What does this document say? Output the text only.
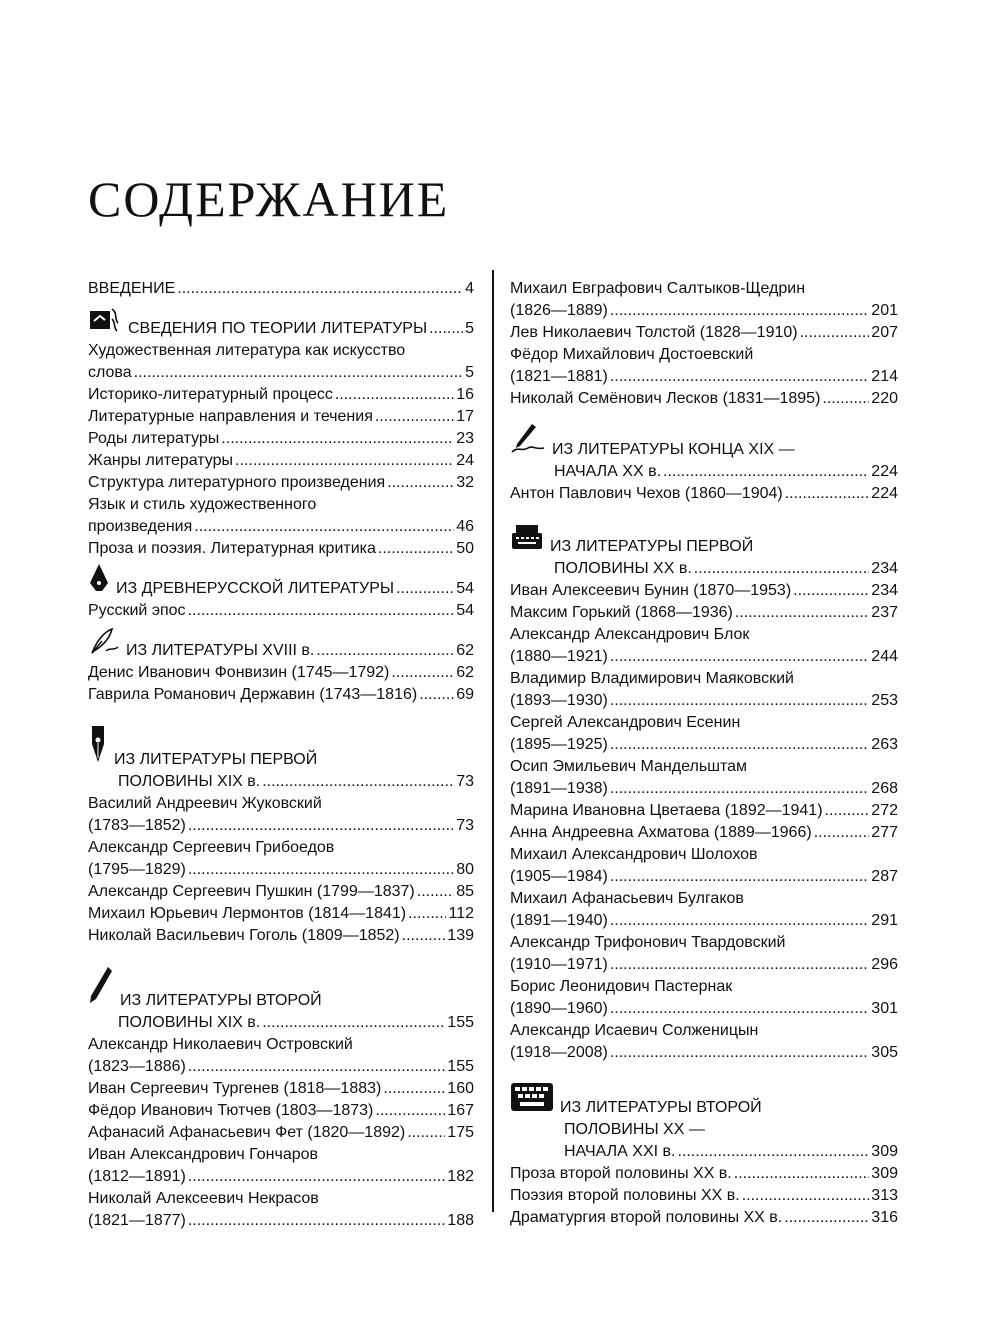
СОДЕРЖАНИЕ
ВВЕДЕНИЕ .....	4
СВЕДЕНИЯ ПО ТЕОРИИ ЛИТЕРАТУРЫ ..... 5
Художественная литература как искусство
слова .....	5
Историко-литературный процесс .....	16
Литературные направления и течения .....	17
Роды литературы .....	23
Жанры литературы .....	24
Структура литературного произведения .....	32
Язык и стиль художественного
произведения .....	46
Проза и поэзия. Литературная критика .....	50
ИЗ ДРЕВНЕРУССКОЙ ЛИТЕРАТУРЫ .....	54
Русский эпос .....	54
ИЗ ЛИТЕРАТУРЫ XVIII в. .....	62
Денис Иванович Фонвизин (1745—1792) .....	62
Гаврила Романович Державин (1743—1816) ..... 69
ИЗ ЛИТЕРАТУРЫ ПЕРВОЙ
ПОЛОВИНЫ XIX в. .....	73
Василий Андреевич Жуковский
(1783—1852) .....	73
Александр Сергеевич Грибоедов
(1795—1829) .....	80
Александр Сергеевич Пушкин (1799—1837) .....	85
Михаил Юрьевич Лермонтов (1814—1841) .....	112
Николай Васильевич Гоголь (1809—1852) .....	139
ИЗ ЛИТЕРАТУРЫ ВТОРОЙ
ПОЛОВИНЫ XIX в. .....	155
Александр Николаевич Островский
(1823—1886) .....	155
Иван Сергеевич Тургенев (1818—1883) .....	160
Фёдор Иванович Тютчев (1803—1873) .....	167
Афанасий Афанасьевич Фет (1820—1892) .....	175
Иван Александрович Гончаров
(1812—1891) .....	182
Николай Алексеевич Некрасов
(1821—1877) .....	188
Михаил Евграфович Салтыков-Щедрин
(1826—1889) .....	201
Лев Николаевич Толстой (1828—1910) .....	207
Фёдор Михайлович Достоевский
(1821—1881) .....	214
Николай Семёнович Лесков (1831—1895) .....	220
ИЗ ЛИТЕРАТУРЫ КОНЦА XIX —
НАЧАЛА XX в. .....	224
Антон Павлович Чехов (1860—1904) .....	224
ИЗ ЛИТЕРАТУРЫ ПЕРВОЙ
ПОЛОВИНЫ XX в. .....	234
Иван Алексеевич Бунин (1870—1953) .....	234
Максим Горький (1868—1936) .....	237
Александр Александрович Блок
(1880—1921) .....	244
Владимир Владимирович Маяковский
(1893—1930) .....	253
Сергей Александрович Есенин
(1895—1925) .....	263
Осип Эмильевич Мандельштам
(1891—1938) .....	268
Марина Ивановна Цветаева (1892—1941) .....	272
Анна Андреевна Ахматова (1889—1966) .....	277
Михаил Александрович Шолохов
(1905—1984) .....	287
Михаил Афанасьевич Булгаков
(1891—1940) .....	291
Александр Трифонович Твардовский
(1910—1971) .....	296
Борис Леонидович Пастернак
(1890—1960) .....	301
Александр Исаевич Солженицын
(1918—2008) .....	305
ИЗ ЛИТЕРАТУРЫ ВТОРОЙ
ПОЛОВИНЫ XX —
НАЧАЛА XXI в. .....	309
Проза второй половины XX в. .....	309
Поэзия второй половины XX в. .....	313
Драматургия второй половины XX в. .....	316
